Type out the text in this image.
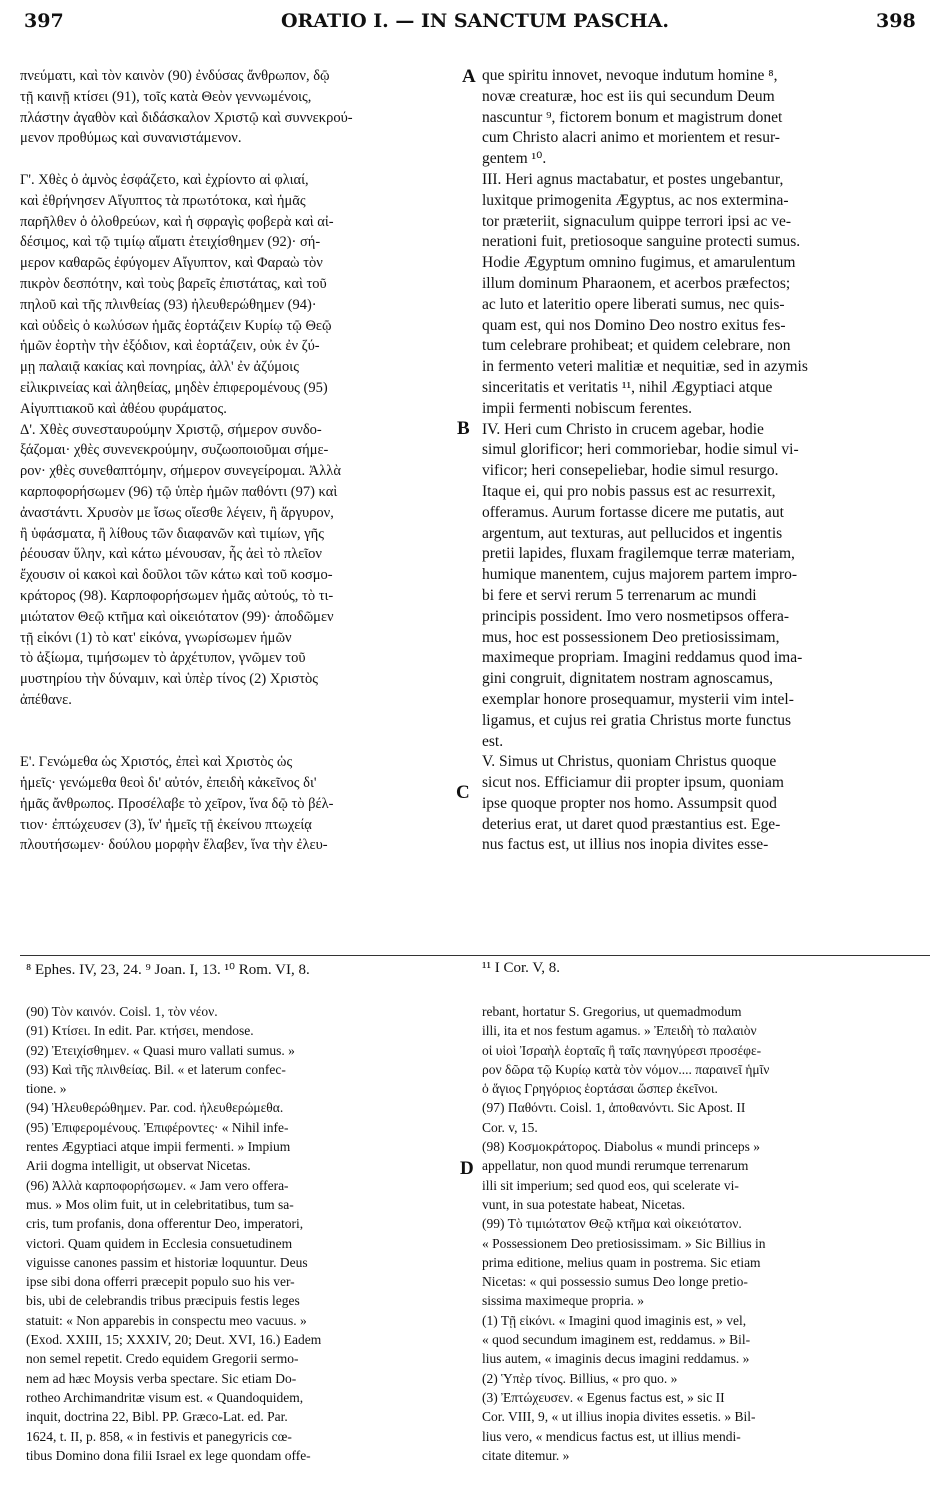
397	ORATIO I. — IN SANCTUM PASCHA.	398
πνεύματι, καὶ τὸν καινὸν (90) ἐνδύσας ἄνθρωπον, δῷ
τῇ καινῇ κτίσει (91), τοῖς κατὰ Θεὸν γεννωμένοις,
πλάστην ἀγαθὸν καὶ διδάσκαλον Χριστῷ καὶ συννεκρού-
μενον προθύμως καὶ συνανιστάμενον.
Γ'. Χθὲς ὁ ἀμνὸς ἐσφάζετο, καὶ ἐχρίοντο αἱ φλιαί,
καὶ ἐθρήνησεν Αἴγυπτος τὰ πρωτότοκα, καὶ ἡμᾶς
παρῆλθεν ὁ ὀλοθρεύων, καὶ ἡ σφραγὶς φοβερὰ καὶ αἰ-
δέσιμος, καὶ τῷ τιμίῳ αἵματι ἐτειχίσθημεν (92)· σή-
μερον καθαρῶς ἐφύγομεν Αἴγυπτον, καὶ Φαραὼ τὸν
πικρὸν δεσπότην, καὶ τοὺς βαρεῖς ἐπιστάτας, καὶ τοῦ
πηλοῦ καὶ τῆς πλινθείας (93) ἠλευθερώθημεν (94)·
καὶ οὐδεὶς ὁ κωλύσων ἡμᾶς ἑορτάζειν Κυρίῳ τῷ Θεῷ
ἡμῶν ἑορτὴν τὴν ἐξόδιον, καὶ ἑορτάζειν, οὐκ ἐν ζύ-
μῃ παλαιᾷ κακίας καὶ πονηρίας, ἀλλ' ἐν ἀζύμοις
εἰλικρινείας καὶ ἀληθείας, μηδὲν ἐπιφερομένους (95)
Αἰγυπτιακοῦ καὶ ἀθέου φυράματος.
Δ'. Χθὲς συνεσταυρούμην Χριστῷ, σήμερον συνδο-
ξάζομαι· χθὲς συνενεκρούμην, συζωοποιοῦμαι σήμε-
ρον· χθὲς συνεθαπτόμην, σήμερον συνεγείρομαι. Ἀλλὰ
καρποφορήσωμεν (96) τῷ ὑπὲρ ἡμῶν παθόντι (97) καὶ
ἀναστάντι. Χρυσὸν με ἴσως οἴεσθε λέγειν, ἢ ἄργυρον,
ἢ ὑφάσματα, ἢ λίθους τῶν διαφανῶν καὶ τιμίων, γῆς
ῥέουσαν ὕλην, καὶ κάτω μένουσαν, ἧς ἀεὶ τὸ πλεῖον
ἔχουσιν οἱ κακοὶ καὶ δοῦλοι τῶν κάτω καὶ τοῦ κοσμο-
κράτορος (98). Καρποφορήσωμεν ἡμᾶς αὐτούς, τὸ τι-
μιώτατον Θεῷ κτῆμα καὶ οἰκειότατον (99)· ἀποδῶμεν
τῇ εἰκόνι (1) τὸ κατ' εἰκόνα, γνωρίσωμεν ἡμῶν
τὸ ἀξίωμα, τιμήσωμεν τὸ ἀρχέτυπον, γνῶμεν τοῦ
μυστηρίου τὴν δύναμιν, καὶ ὑπὲρ τίνος (2) Χριστὸς
ἀπέθανε.
Ε'. Γενώμεθα ὡς Χριστός, ἐπεὶ καὶ Χριστὸς ὡς
ἡμεῖς· γενώμεθα θεοὶ δι' αὐτόν, ἐπειδὴ κἀκεῖνος δι'
ἡμᾶς ἄνθρωπος. Προσέλαβε τὸ χεῖρον, ἵνα δῷ τὸ βέλ-
τιον· ἐπτώχευσεν (3), ἵν' ἡμεῖς τῇ ἐκείνου πτωχείᾳ
πλουτήσωμεν· δούλου μορφὴν ἔλαβεν, ἵνα τὴν ἐλευ-
que spiritu innovet, nevoque indutum homine ⁸,
novæ creaturæ, hoc est iis qui secundum Deum
nascuntur ⁹, fictorem bonum et magistrum donet
cum Christo alacri animo et morientem et resur-
gentem ¹⁰.
III. Heri agnus mactabatur, et postes ungebantur,
luxitque primogenita Ægyptus, ac nos extermina-
tor præteriit, signaculum quippe terrori ipsi ac ve-
nerationi fuit, pretiosoque sanguine protecti sumus.
Hodie Ægyptum omnino fugimus, et amarulentum
illum dominum Pharaonem, et acerbos præfectos;
ac luto et lateritio opere liberati sumus, nec quis-
quam est, qui nos Domino Deo nostro exitus fes-
tum celebrare prohibeat; et quidem celebrare, non
in fermento veteri malitiæ et nequitiæ, sed in azymis
sinceritatis et veritatis ¹¹, nihil Ægyptiaci atque
impii fermenti nobiscum ferentes.
IV. Heri cum Christo in crucem agebar, hodie
simul glorificor; heri commoriebar, hodie simul vi-
vificor; heri consepeliebar, hodie simul resurgo.
Itaque ei, qui pro nobis passus est ac resurrexit,
offeramus. Aurum fortasse dicere me putatis, aut
argentum, aut texturas, aut pellucidos et ingentis
pretii lapides, fluxam fragilemque terræ materiam,
humique manentem, cujus majorem partem impro-
bi fere et servi rerum 5 terrenarum ac mundi
principis possident. Imo vero nosmetipsos offera-
mus, hoc est possessionem Deo pretiosissimam,
maximeque propriam. Imagini reddamus quod ima-
gini congruit, dignitatem nostram agnoscamus,
exemplar honore prosequamur, mysterii vim intel-
ligamus, et cujus rei gratia Christus morte functus
est.
V. Simus ut Christus, quoniam Christus quoque
sicut nos. Efficiamur dii propter ipsum, quoniam
ipse quoque propter nos homo. Assumpsit quod
deterius erat, ut daret quod præstantius est. Ege-
nus factus est, ut illius nos inopia divites esse-
A
B
C
D
⁸ Ephes. IV, 23, 24. ⁹ Joan. I, 13. ¹⁰ Rom. VI, 8.	¹¹ I Cor. V, 8.
(90) Τὸν καινόν. Coisl. 1, τὸν νέον.
(91) Κτίσει. In edit. Par. κτήσει, mendose.
(92) Ἐτειχίσθημεν. « Quasi muro vallati sumus. »
(93) Καὶ τῆς πλινθείας. Bil. « et laterum confec-
tione. »
(94) Ἠλευθερώθημεν. Par. cod. ἠλευθερώμεθα.
(95) Ἐπιφερομένους. Ἐπιφέροντες· « Nihil infe-
rentes Ægyptiaci atque impii fermenti. » Impium
Arii dogma intelligit, ut observat Nicetas.
(96) Ἀλλὰ καρποφορήσωμεν. « Jam vero offera-
mus. » Mos olim fuit, ut in celebritatibus, tum sa-
cris, tum profanis, dona offerentur Deo, imperatori,
victori. Quam quidem in Ecclesia consuetudinem
viguisse canones passim et historiæ loquuntur. Deus
ipse sibi dona offerri præcepit populo suo his ver-
bis, ubi de celebrandis tribus præcipuis festis leges
statuit: « Non apparebis in conspectu meo vacuus. »
(Exod. XXIII, 15; XXXIV, 20; Deut. XVI, 16.) Eadem
non semel repetit. Credo equidem Gregorii sermo-
nem ad hæc Moysis verba spectare. Sic etiam Do-
rotheo Archimandritæ visum est. « Quandoquidem,
inquit, doctrina 22, Bibl. PP. Græco-Lat. ed. Par.
1624, t. II, p. 858, « in festivis et panegyricis cœ-
tibus Domino dona filii Israel ex lege quondam offe-
rebant, hortatur S. Gregorius, ut quemadmodum
illi, ita et nos festum agamus. » Ἐπειδὴ τὸ παλαιὸν
οἱ υἱοὶ Ἰσραὴλ ἑορταῖς ἢ ταῖς πανηγύρεσι προσέφε-
ρον δῶρα τῷ Κυρίῳ κατὰ τὸν νόμον.... παραινεῖ ἡμῖν
ὁ ἅγιος Γρηγόριος ἑορτάσαι ὥσπερ ἐκεῖνοι.
(97) Παθόντι. Coisl. 1, ἀποθανόντι. Sic Apost. II
Cor. v, 15.
(98) Κοσμοκράτορος. Diabolus « mundi princeps »
appellatur, non quod mundi rerumque terrenarum
illi sit imperium; sed quod eos, qui scelerate vi-
vunt, in sua potestate habeat, Nicetas.
(99) Τὸ τιμιώτατον Θεῷ κτῆμα καὶ οἰκειότατον.
« Possessionem Deo pretiosissimam. » Sic Billius in
prima editione, melius quam in postrema. Sic etiam
Nicetas: « qui possessio sumus Deo longe pretio-
sissima maximeque propria. »
(1) Τῇ εἰκόνι. « Imagini quod imaginis est, » vel,
« quod secundum imaginem est, reddamus. » Bil-
lius autem, « imaginis decus imagini reddamus. »
(2) Ὑπὲρ τίνος. Billius, « pro quo. »
(3) Ἐπτώχευσεν. « Egenus factus est, » sic II
Cor. VIII, 9, « ut illius inopia divites essetis. » Bil-
lius vero, « mendicus factus est, ut illius mendi-
citate ditemur. »
